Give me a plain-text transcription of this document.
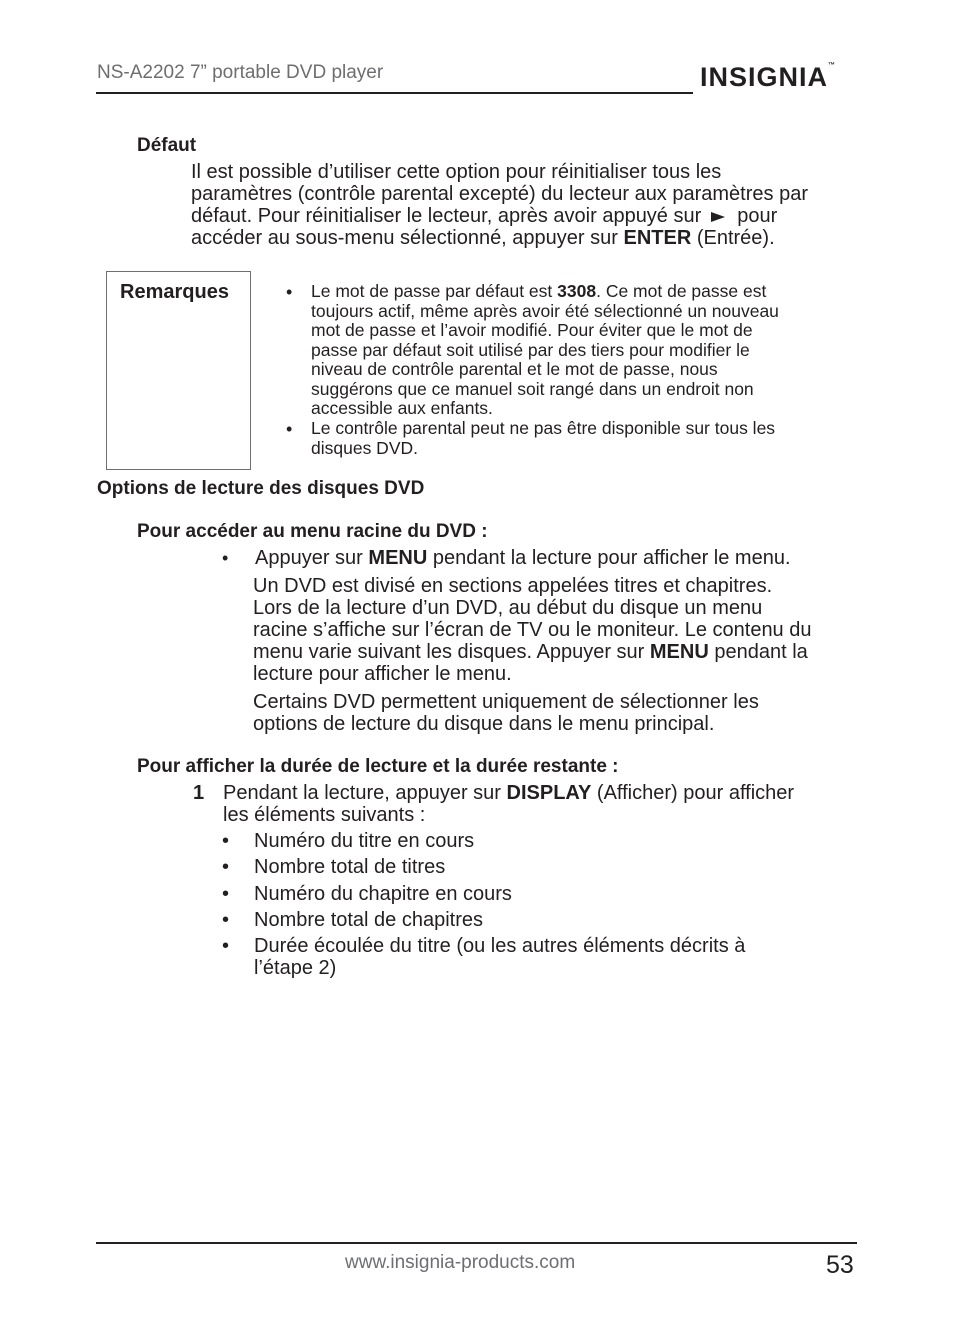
NS-A2202 7” portable DVD player	INSIGNIA™
Défaut

Il est possible d’utiliser cette option pour réinitialiser tous les

paramètres (contrôle parental excepté) du lecteur aux paramètres par

défaut. Pour réinitialiser le lecteur, après avoir appuyé sur pour

accéder au sous-menu sélectionné, appuyer sur ENTER (Entrée).

Remarques	• Le mot de passe par défaut est 3308. Ce mot de passe est

toujours actif, même après avoir été sélectionné un nouveau

mot de passe et l’avoir modifié. Pour éviter que le mot de

passe par défaut soit utilisé par des tiers pour modifier le

niveau de contrôle parental et le mot de passe, nous

suggérons que ce manuel soit rangé dans un endroit non

accessible aux enfants.

• Le contrôle parental peut ne pas être disponible sur tous les

disques DVD.

Options de lecture des disques DVD
Pour accéder au menu racine du DVD :
• Appuyer sur MENU pendant la lecture pour afficher le menu.

Un DVD est divisé en sections appelées titres et chapitres.

Lors de la lecture d’un DVD, au début du disque un menu

racine s’affiche sur l’écran de TV ou le moniteur. Le contenu du

menu varie suivant les disques. Appuyer sur MENU pendant la

lecture pour afficher le menu.

Certains DVD permettent uniquement de sélectionner les

options de lecture du disque dans le menu principal.

Pour afficher la durée de lecture et la durée restante :
1 Pendant la lecture, appuyer sur DISPLAY (Afficher) pour afficher

les éléments suivants :

• Numéro du titre en cours
• Nombre total de titres
• Numéro du chapitre en cours
• Nombre total de chapitres
• Durée écoulée du titre (ou les autres éléments décrits à

l’étape 2)

www.insignia-products.com	53
